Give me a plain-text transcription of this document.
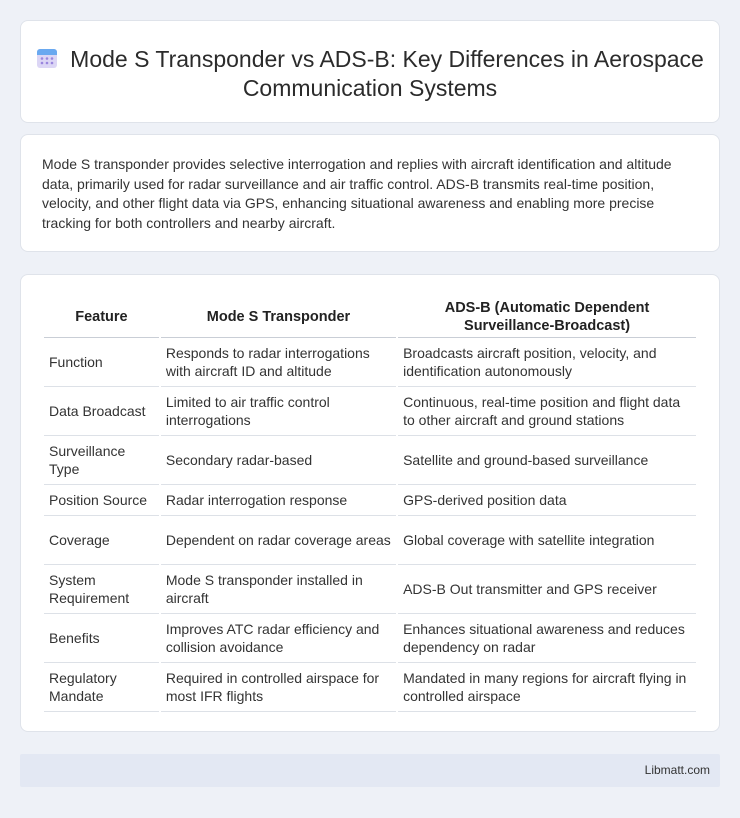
Mode S Transponder vs ADS-B: Key Differences in Aerospace Communication Systems

Mode S transponder provides selective interrogation and replies with aircraft identification and altitude data, primarily used for radar surveillance and air traffic control. ADS-B transmits real-time position, velocity, and other flight data via GPS, enhancing situational awareness and enabling more precise tracking for both controllers and nearby aircraft.

Feature	Mode S Transponder	ADS-B (Automatic Dependent Surveillance-Broadcast)
Function	Responds to radar interrogations with aircraft ID and altitude	Broadcasts aircraft position, velocity, and identification autonomously
Data Broadcast	Limited to air traffic control interrogations	Continuous, real-time position and flight data to other aircraft and ground stations
Surveillance Type	Secondary radar-based	Satellite and ground-based surveillance
Position Source	Radar interrogation response	GPS-derived position data
Coverage	Dependent on radar coverage areas	Global coverage with satellite integration
System Requirement	Mode S transponder installed in aircraft	ADS-B Out transmitter and GPS receiver
Benefits	Improves ATC radar efficiency and collision avoidance	Enhances situational awareness and reduces dependency on radar
Regulatory Mandate	Required in controlled airspace for most IFR flights	Mandated in many regions for aircraft flying in controlled airspace
Libmatt.com
